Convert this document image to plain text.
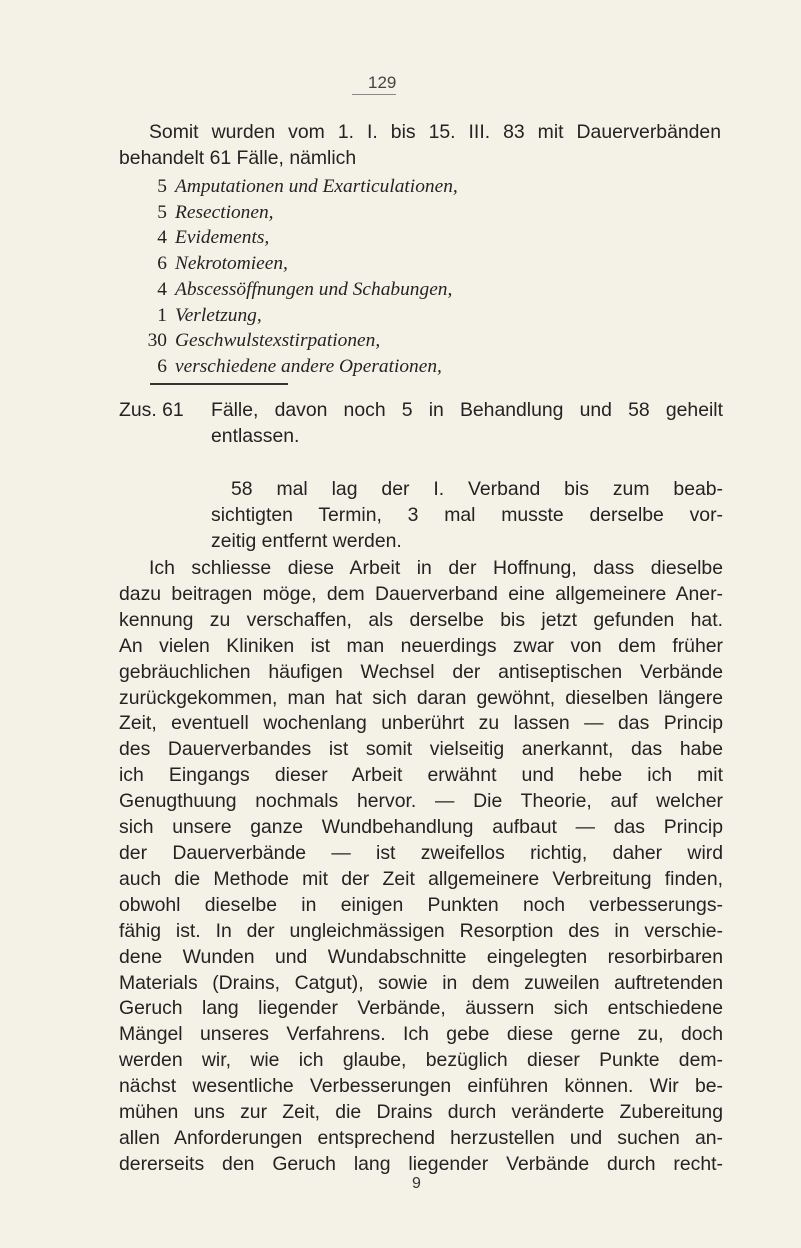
129
Somit wurden vom 1. I. bis 15. III. 83 mit Dauerverbänden
behandelt 61 Fälle, nämlich
5 Amputationen und Exarticulationen,
5 Resectionen,
4 Evidements,
6 Nekrotomieen,
4 Abscessöffnungen und Schabungen,
1 Verletzung,
30 Geschwulstexstirpationen,
6 verschiedene andere Operationen,
Zus. 61	Fälle, davon noch 5 in Behandlung und 58 geheilt
entlassen.
58 mal lag der I. Verband bis zum beab-
sichtigten Termin, 3 mal musste derselbe vor-
zeitig entfernt werden.
Ich schliesse diese Arbeit in der Hoffnung, dass dieselbe
dazu beitragen möge, dem Dauerverband eine allgemeinere Aner-
kennung zu verschaffen, als derselbe bis jetzt gefunden hat.
An vielen Kliniken ist man neuerdings zwar von dem früher
gebräuchlichen häufigen Wechsel der antiseptischen Verbände
zurückgekommen, man hat sich daran gewöhnt, dieselben längere
Zeit, eventuell wochenlang unberührt zu lassen — das Princip
des Dauerverbandes ist somit vielseitig anerkannt, das habe
ich Eingangs dieser Arbeit erwähnt und hebe ich mit
Genugthuung nochmals hervor. — Die Theorie, auf welcher
sich unsere ganze Wundbehandlung aufbaut — das Princip
der Dauerverbände — ist zweifellos richtig, daher wird
auch die Methode mit der Zeit allgemeinere Verbreitung finden,
obwohl dieselbe in einigen Punkten noch verbesserungs-
fähig ist. In der ungleichmässigen Resorption des in verschie-
dene Wunden und Wundabschnitte eingelegten resorbirbaren
Materials (Drains, Catgut), sowie in dem zuweilen auftretenden
Geruch lang liegender Verbände, äussern sich entschiedene
Mängel unseres Verfahrens. Ich gebe diese gerne zu, doch
werden wir, wie ich glaube, bezüglich dieser Punkte dem-
nächst wesentliche Verbesserungen einführen können. Wir be-
mühen uns zur Zeit, die Drains durch veränderte Zubereitung
allen Anforderungen entsprechend herzustellen und suchen an-
dererseits den Geruch lang liegender Verbände durch recht-
9
